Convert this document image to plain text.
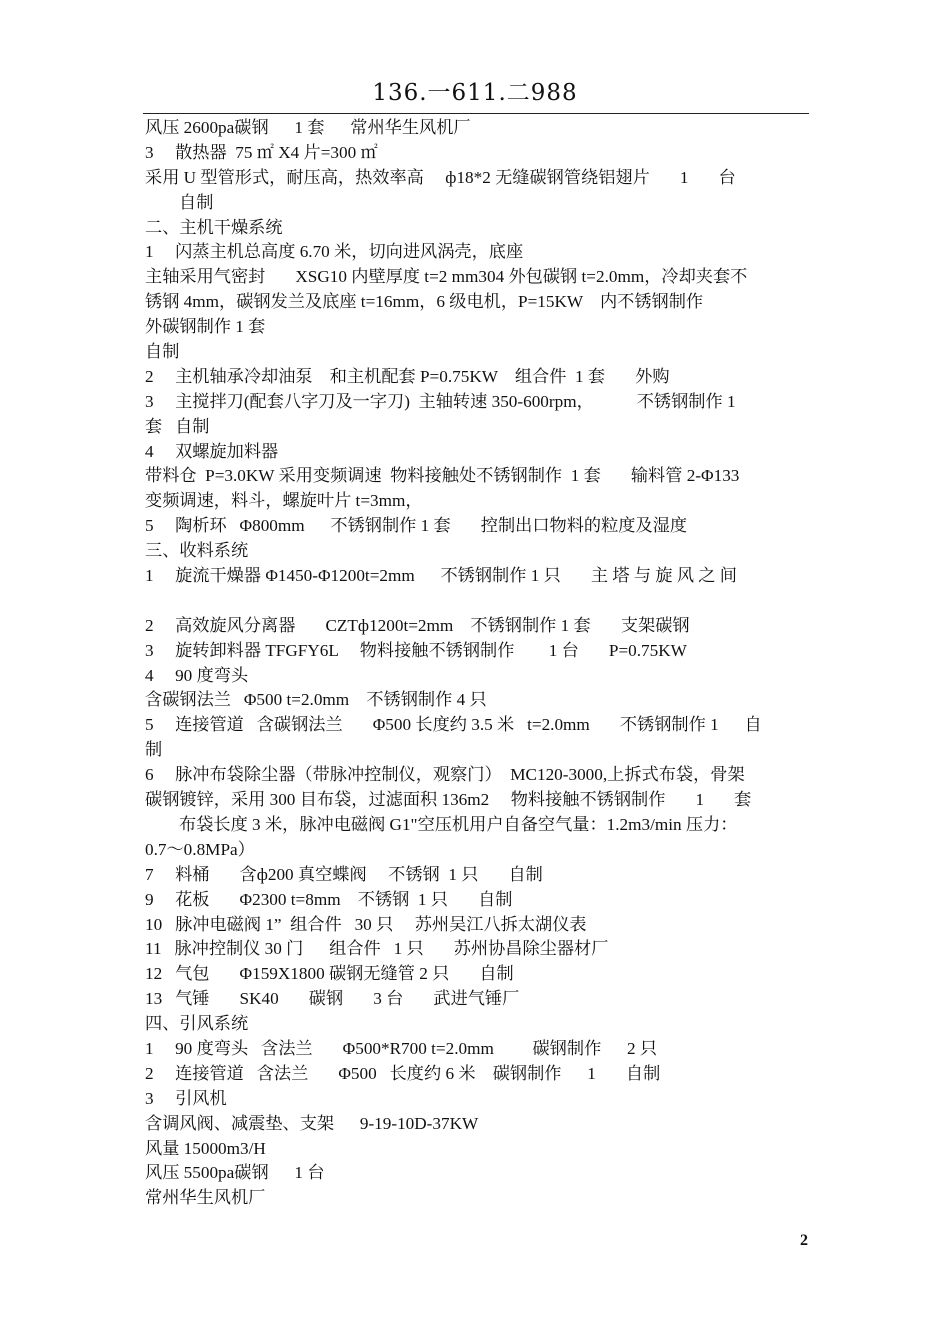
136.一611.二988
风压 2600pa碳钢      1 套      常州华生风机厂
3     散热器  75 ㎡ X4 片=300 ㎡
采用 U 型管形式，耐压高，热效率高     ф18*2 无缝碳钢管绕铝翅片       1       台
自制
二、主机干燥系统
1     闪蒸主机总高度 6.70 米，切向进风涡壳，底座
主轴采用气密封       XSG10 内壁厚度 t=2 mm304 外包碳钢 t=2.0mm，冷却夹套不
锈钢 4mm，碳钢发兰及底座 t=16mm，6 级电机，P=15KW    内不锈钢制作
外碳钢制作 1 套
自制
2     主机轴承冷却油泵    和主机配套 P=0.75KW    组合件  1 套       外购
3     主搅拌刀(配套八字刀及一字刀)  主轴转速 350-600rpm，          不锈钢制作 1
套   自制
4     双螺旋加料器
带料仓  P=3.0KW 采用变频调速  物料接触处不锈钢制作  1 套       输料管 2-Φ133
变频调速，料斗，螺旋叶片 t=3mm，
5     陶析环   Φ800mm      不锈钢制作 1 套       控制出口物料的粒度及湿度
三、收料系统
1     旋流干燥器 Φ1450-Φ1200t=2mm      不锈钢制作 1 只       主 塔 与 旋 风 之 间
2     高效旋风分离器       CZTф1200t=2mm    不锈钢制作 1 套       支架碳钢
3     旋转卸料器 TFGFY6L     物料接触不锈钢制作        1 台       P=0.75KW
4     90 度弯头
含碳钢法兰   Φ500 t=2.0mm    不锈钢制作 4 只
5     连接管道   含碳钢法兰       Φ500 长度约 3.5 米   t=2.0mm       不锈钢制作 1      自
制
6     脉冲布袋除尘器（带脉冲控制仪，观察门）  MC120-3000,上拆式布袋，骨架
碳钢镀锌，采用 300 目布袋，过滤面积 136m2     物料接触不锈钢制作       1       套
布袋长度 3 米，脉冲电磁阀 G1"空压机用户自备空气量：1.2m3/min 压力：
0.7～0.8MPa）
7     料桶       含ф200 真空蝶阀     不锈钢  1 只       自制
9     花板       Φ2300 t=8mm    不锈钢  1 只       自制
10   脉冲电磁阀 1”  组合件   30 只     苏州吴江八拆太湖仪表
11   脉冲控制仪 30 门      组合件   1 只       苏州协昌除尘器材厂
12   气包       Φ159X1800 碳钢无缝管 2 只       自制
13   气锤       SK40       碳钢       3 台       武进气锤厂
四、引风系统
1     90 度弯头   含法兰       Φ500*R700 t=2.0mm         碳钢制作      2 只
2     连接管道   含法兰       Φ500   长度约 6 米    碳钢制作      1       自制
3     引风机
含调风阀、减震垫、支架      9-19-10D-37KW
风量 15000m3/H
风压 5500pa碳钢      1 台
常州华生风机厂
2
